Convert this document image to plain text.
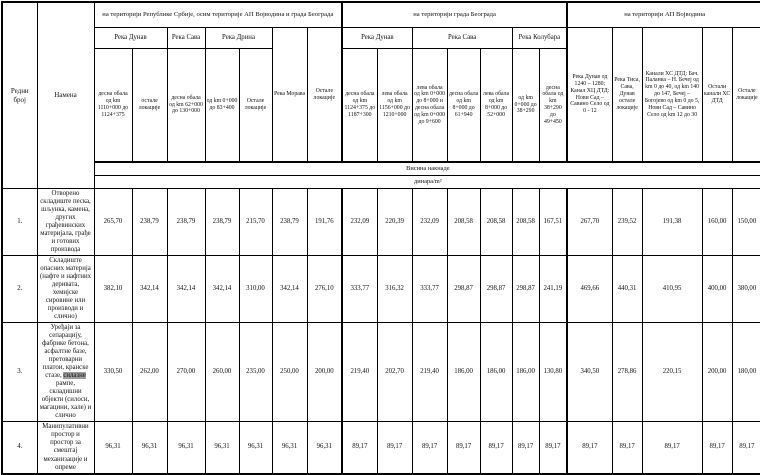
Редни број	Намена	на територији Републике Србије, осим територије АП Војводина и града Београда							на територији града Београда							на територији АП Војводина				
		Река Дунав		Река Сава	Река Дрина		Река Морава	Остале локације	Река Дунав		Река Сава			Река Колубара		Река Дунав од 1240 – 1280; Канал ХЦ ДТД: Нови Сад – Савино Село од 0 - 12	Река Тиса, Сава, Дунав остале локације	Канали ХС ДТД: Бач. Паланка – Н. Бечеј од km 0 до 40, од km 140 до 147, Бечеј – Богојево од km 0 до 5, Нови Сад – Савино Село од km 12 до 30	Остали канали ХС ДТД	Остале локације
		десна обала од km 1110+000 до 1124+375	остале локације	десна обала од km 62+000 до 130+000	од km 0+000 до 83+400	Остале локације			десна обала од km 1124+375 до 1187+300	лева обала од km 1156+000 до 1210+000	лева обала од km 0+000 до 8+000 и десна обала од km 0+000 до 9+600	десна обала од km 8+000 до 61+940	лева обала од km 8+000 до 52+000	од km 0+000 до 38+290	десна обала од km 38+290 до 49+450					
		Висина накнаде																		
		динара/m²																		
1.	Отворено складиште песка, шљунка, камена, других грађевинских материјала, грађе и готових производа	265,70	238,79	238,79	238,79	215,70	238,79	191,76	232,09	220,39	232,09	208,58	208,58	208,58	167,51	267,70	239,52	191,38	160,00	150,00
2.	Складиште опасних материја (нафте и нафтних деривата, хемијске сировине или производи и слично)	382,10	342,14	342,14	342,14	310,00	342,14	276,10	333,77	316,32	333,77	298,87	298,87	298,87	241,19	469,66	440,31	410,95	400,00	380,00
3.	Уређаји за сепарацију, фабрике бетона, асфалтне базе, претоварни платои, кранске стазе, силазне рампе, складишни објекти (силоси, магацини, хале) и слично	330,50	262,00	270,00	260,00	235,00	250,00	200,00	219,40	202,70	219,40	186,00	186,00	186,00	130,80	340,50	278,86	220,15	200,00	180,00
4.	Манипулативни простор и простор за смештај механизације и опреме	96,31	96,31	96,31	96,31	96,31	96,31	96,31	89,17	89,17	89,17	89,17	89,17	89,17	89,17	89,17	89,17	89,17	89,17	89,17
